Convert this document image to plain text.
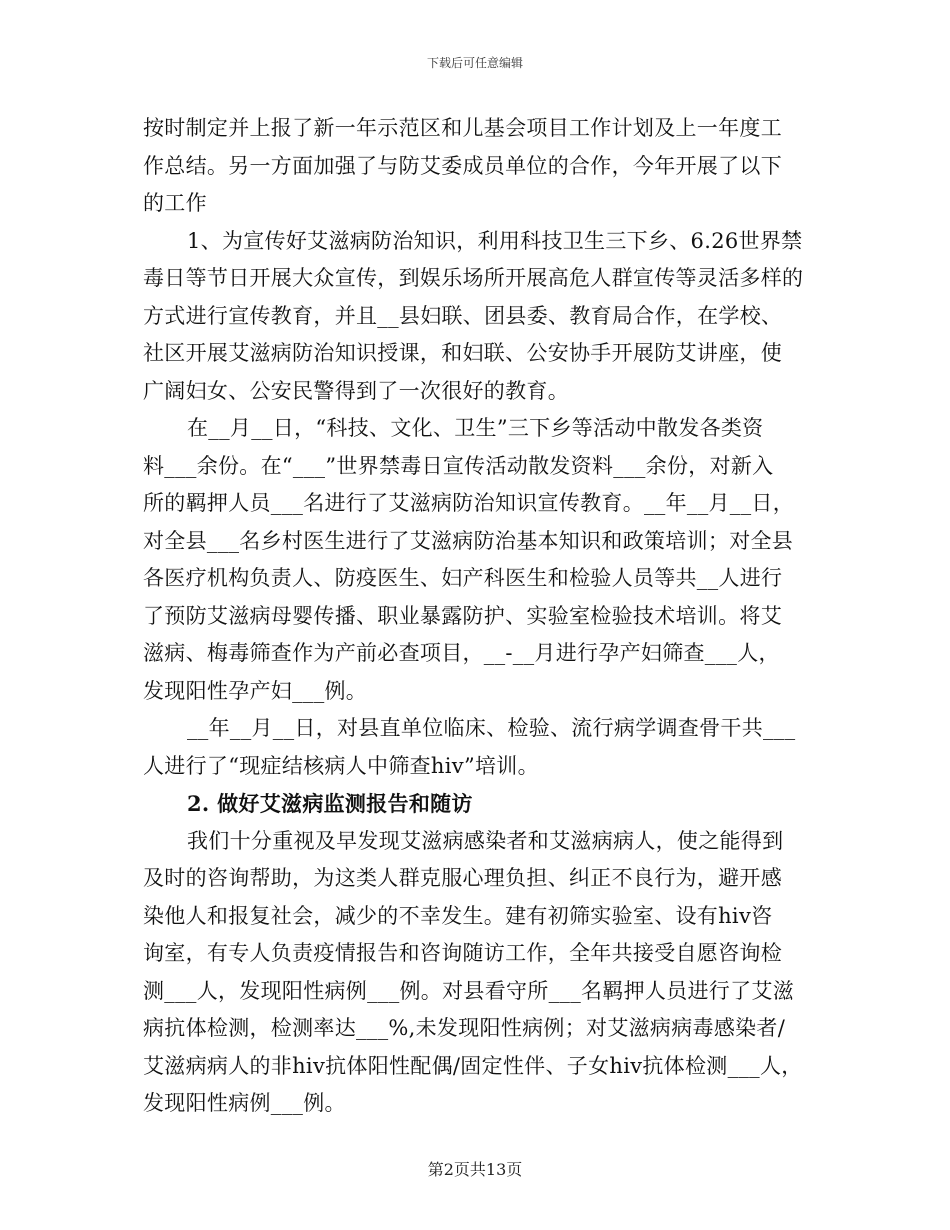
下载后可任意编辑
按时制定并上报了新一年示范区和儿基会项目工作计划及上一年度工
作总结。另一方面加强了与防艾委成员单位的合作，今年开展了以下
的工作
1、为宣传好艾滋病防治知识，利用科技卫生三下乡、6.26世界禁
毒日等节日开展大众宣传，到娱乐场所开展高危人群宣传等灵活多样的
方式进行宣传教育，并且__县妇联、团县委、教育局合作，在学校、
社区开展艾滋病防治知识授课，和妇联、公安协手开展防艾讲座，使
广阔妇女、公安民警得到了一次很好的教育。
在__月__日，“科技、文化、卫生”三下乡等活动中散发各类资
料___余份。在“___”世界禁毒日宣传活动散发资料___余份，对新入
所的羁押人员___名进行了艾滋病防治知识宣传教育。__年__月__日，
对全县___名乡村医生进行了艾滋病防治基本知识和政策培训；对全县
各医疗机构负责人、防疫医生、妇产科医生和检验人员等共__人进行
了预防艾滋病母婴传播、职业暴露防护、实验室检验技术培训。将艾
滋病、梅毒筛查作为产前必查项目，__-__月进行孕产妇筛查___人，
发现阳性孕产妇___例。
__年__月__日，对县直单位临床、检验、流行病学调查骨干共___
人进行了“现症结核病人中筛查hiv”培训。
2. 做好艾滋病监测报告和随访
我们十分重视及早发现艾滋病感染者和艾滋病病人，使之能得到
及时的咨询帮助，为这类人群克服心理负担、纠正不良行为，避开感
染他人和报复社会，减少的不幸发生。建有初筛实验室、设有hiv咨
询室，有专人负责疫情报告和咨询随访工作，全年共接受自愿咨询检
测___人，发现阳性病例___例。对县看守所___名羁押人员进行了艾滋
病抗体检测，检测率达___%,未发现阳性病例；对艾滋病病毒感染者/
艾滋病病人的非hiv抗体阳性配偶/固定性伴、子女hiv抗体检测___人，
发现阳性病例___例。
第2页共13页
